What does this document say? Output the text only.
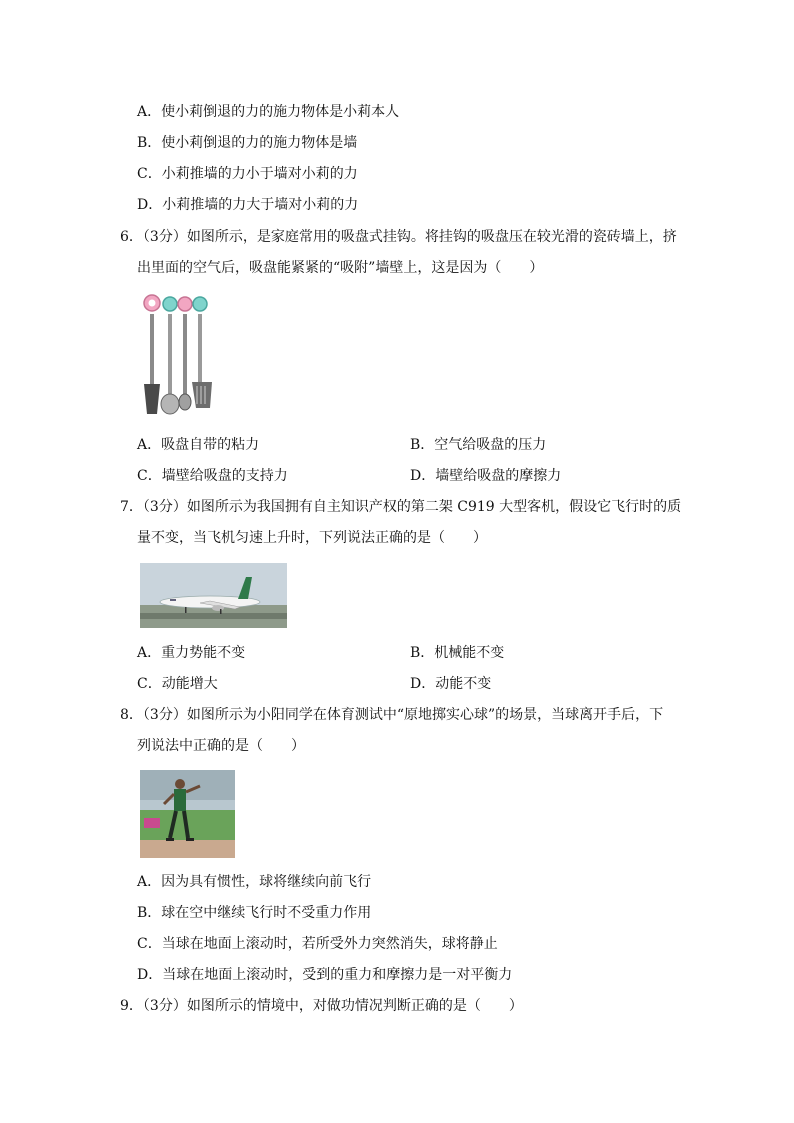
A．使小莉倒退的力的施力物体是小莉本人
B．使小莉倒退的力的施力物体是墙
C．小莉推墙的力小于墙对小莉的力
D．小莉推墙的力大于墙对小莉的力
6．（3分）如图所示，是家庭常用的吸盘式挂钩。将挂钩的吸盘压在较光滑的瓷砖墙上，挤
出里面的空气后，吸盘能紧紧的“吸附”墙壁上，这是因为（　　）
A．吸盘自带的粘力	B．空气给吸盘的压力
C．墙壁给吸盘的支持力	D．墙壁给吸盘的摩擦力
7．（3分）如图所示为我国拥有自主知识产权的第二架 C919 大型客机，假设它飞行时的质
量不变，当飞机匀速上升时，下列说法正确的是（　　）
A．重力势能不变	B．机械能不变
C．动能增大	D．动能不变
8．（3分）如图所示为小阳同学在体育测试中“原地掷实心球”的场景，当球离开手后，下
列说法中正确的是（　　）
A．因为具有惯性，球将继续向前飞行
B．球在空中继续飞行时不受重力作用
C．当球在地面上滚动时，若所受外力突然消失，球将静止
D．当球在地面上滚动时，受到的重力和摩擦力是一对平衡力
9．（3分）如图所示的情境中，对做功情况判断正确的是（　　）
